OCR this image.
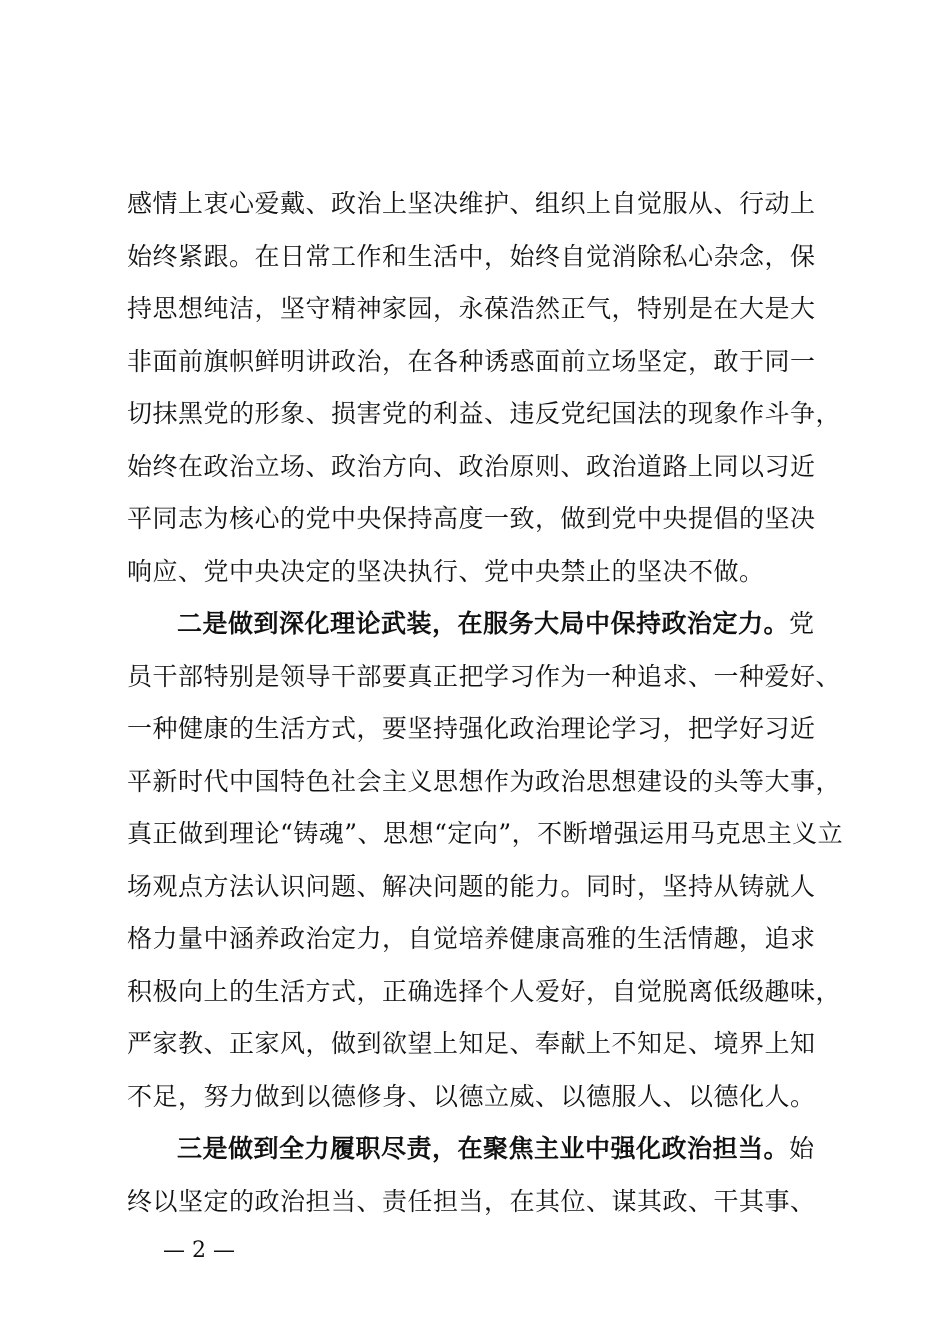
感情上衷心爱戴、政治上坚决维护、组织上自觉服从、行动上
始终紧跟。在日常工作和生活中，始终自觉消除私心杂念，保
持思想纯洁，坚守精神家园，永葆浩然正气，特别是在大是大
非面前旗帜鲜明讲政治，在各种诱惑面前立场坚定，敢于同一
切抹黑党的形象、损害党的利益、违反党纪国法的现象作斗争，
始终在政治立场、政治方向、政治原则、政治道路上同以习近
平同志为核心的党中央保持高度一致，做到党中央提倡的坚决
响应、党中央决定的坚决执行、党中央禁止的坚决不做。
二是做到深化理论武装，在服务大局中保持政治定力。党
员干部特别是领导干部要真正把学习作为一种追求、一种爱好、
一种健康的生活方式，要坚持强化政治理论学习，把学好习近
平新时代中国特色社会主义思想作为政治思想建设的头等大事，
真正做到理论“铸魂”、思想“定向”，不断增强运用马克思主义立
场观点方法认识问题、解决问题的能力。同时，坚持从铸就人
格力量中涵养政治定力，自觉培养健康高雅的生活情趣，追求
积极向上的生活方式，正确选择个人爱好，自觉脱离低级趣味，
严家教、正家风，做到欲望上知足、奉献上不知足、境界上知
不足，努力做到以德修身、以德立威、以德服人、以德化人。
三是做到全力履职尽责，在聚焦主业中强化政治担当。始
终以坚定的政治担当、责任担当，在其位、谋其政、干其事、
— 2 —
